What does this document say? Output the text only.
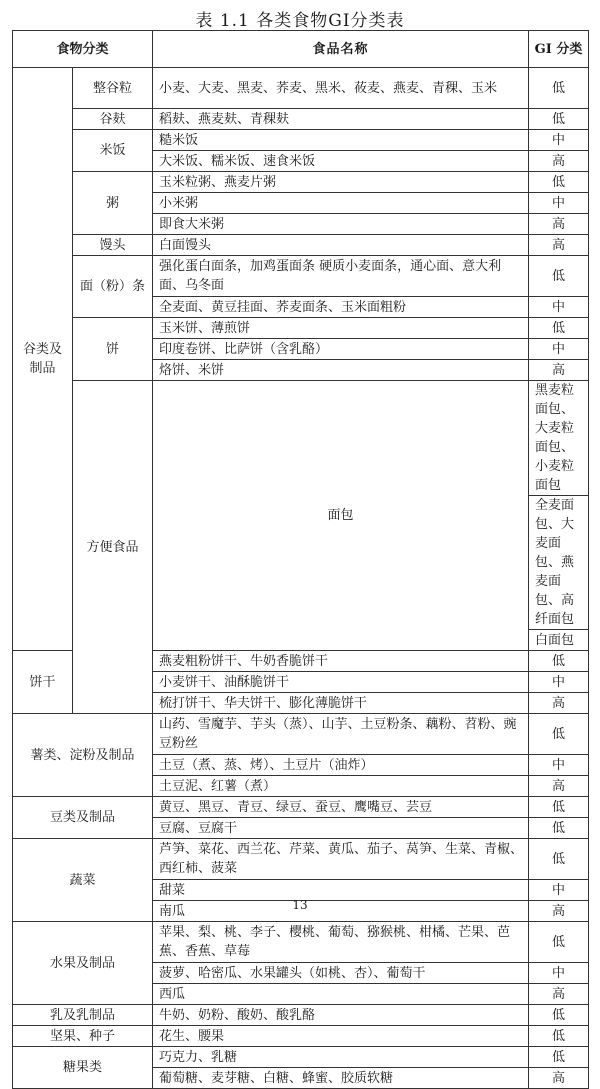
表 1.1 各类食物GI分类表
食物分类		食品名称	GI 分类	
谷类及制品	整谷粒	小麦、大麦、黑麦、荞麦、黑米、莜麦、燕麦、青稞、玉米	低	
	谷麸	稻麸、燕麦麸、青稞麸	低	
	米饭	糙米饭	中	
		大米饭、糯米饭、速食米饭	高	
	粥	玉米粒粥、燕麦片粥	低	
		小米粥	中	
		即食大米粥	高	
	馒头	白面馒头	高	
	面（粉）条	强化蛋白面条，加鸡蛋面条 硬质小麦面条，通心面、意大利面、乌冬面	低	
		全麦面、黄豆挂面、荞麦面条、玉米面粗粉	中	
	饼	玉米饼、薄煎饼	低	
		印度卷饼、比萨饼（含乳酪）	中	
		烙饼、米饼	高	
	方便食品	面包	黑麦粒面包、大麦粒面包、小麦粒面包	
			全麦面包、大麦面包、燕麦面包、高纤面包	
			白面包	
饼干		燕麦粗粉饼干、牛奶香脆饼干	低	
		小麦饼干、油酥脆饼干	中	
		梳打饼干、华夫饼干、膨化薄脆饼干	高	
薯类、淀粉及制品		山药、雪魔芋、芋头（蒸）、山芋、土豆粉条、藕粉、苕粉、豌豆粉丝	低	
		土豆（煮、蒸、烤）、土豆片（油炸）	中	
		土豆泥、红薯（煮）	高	
豆类及制品		黄豆、黑豆、青豆、绿豆、蚕豆、鹰嘴豆、芸豆	低	
		豆腐、豆腐干	低	
蔬菜		芦笋、菜花、西兰花、芹菜、黄瓜、茄子、莴笋、生菜、青椒、西红柿、菠菜	低	
		甜菜	中	
		南瓜	高	
水果及制品		苹果、梨、桃、李子、樱桃、葡萄、猕猴桃、柑橘、芒果、芭蕉、香蕉、草莓	低	
		菠萝、哈密瓜、水果罐头（如桃、杏）、葡萄干	中	
		西瓜	高	
乳及乳制品		牛奶、奶粉、酸奶、酸乳酪	低	
坚果、种子		花生、腰果	低	
糖果类		巧克力、乳糖	低	
		葡萄糖、麦芽糖、白糖、蜂蜜、胶质软糖	高	
13
